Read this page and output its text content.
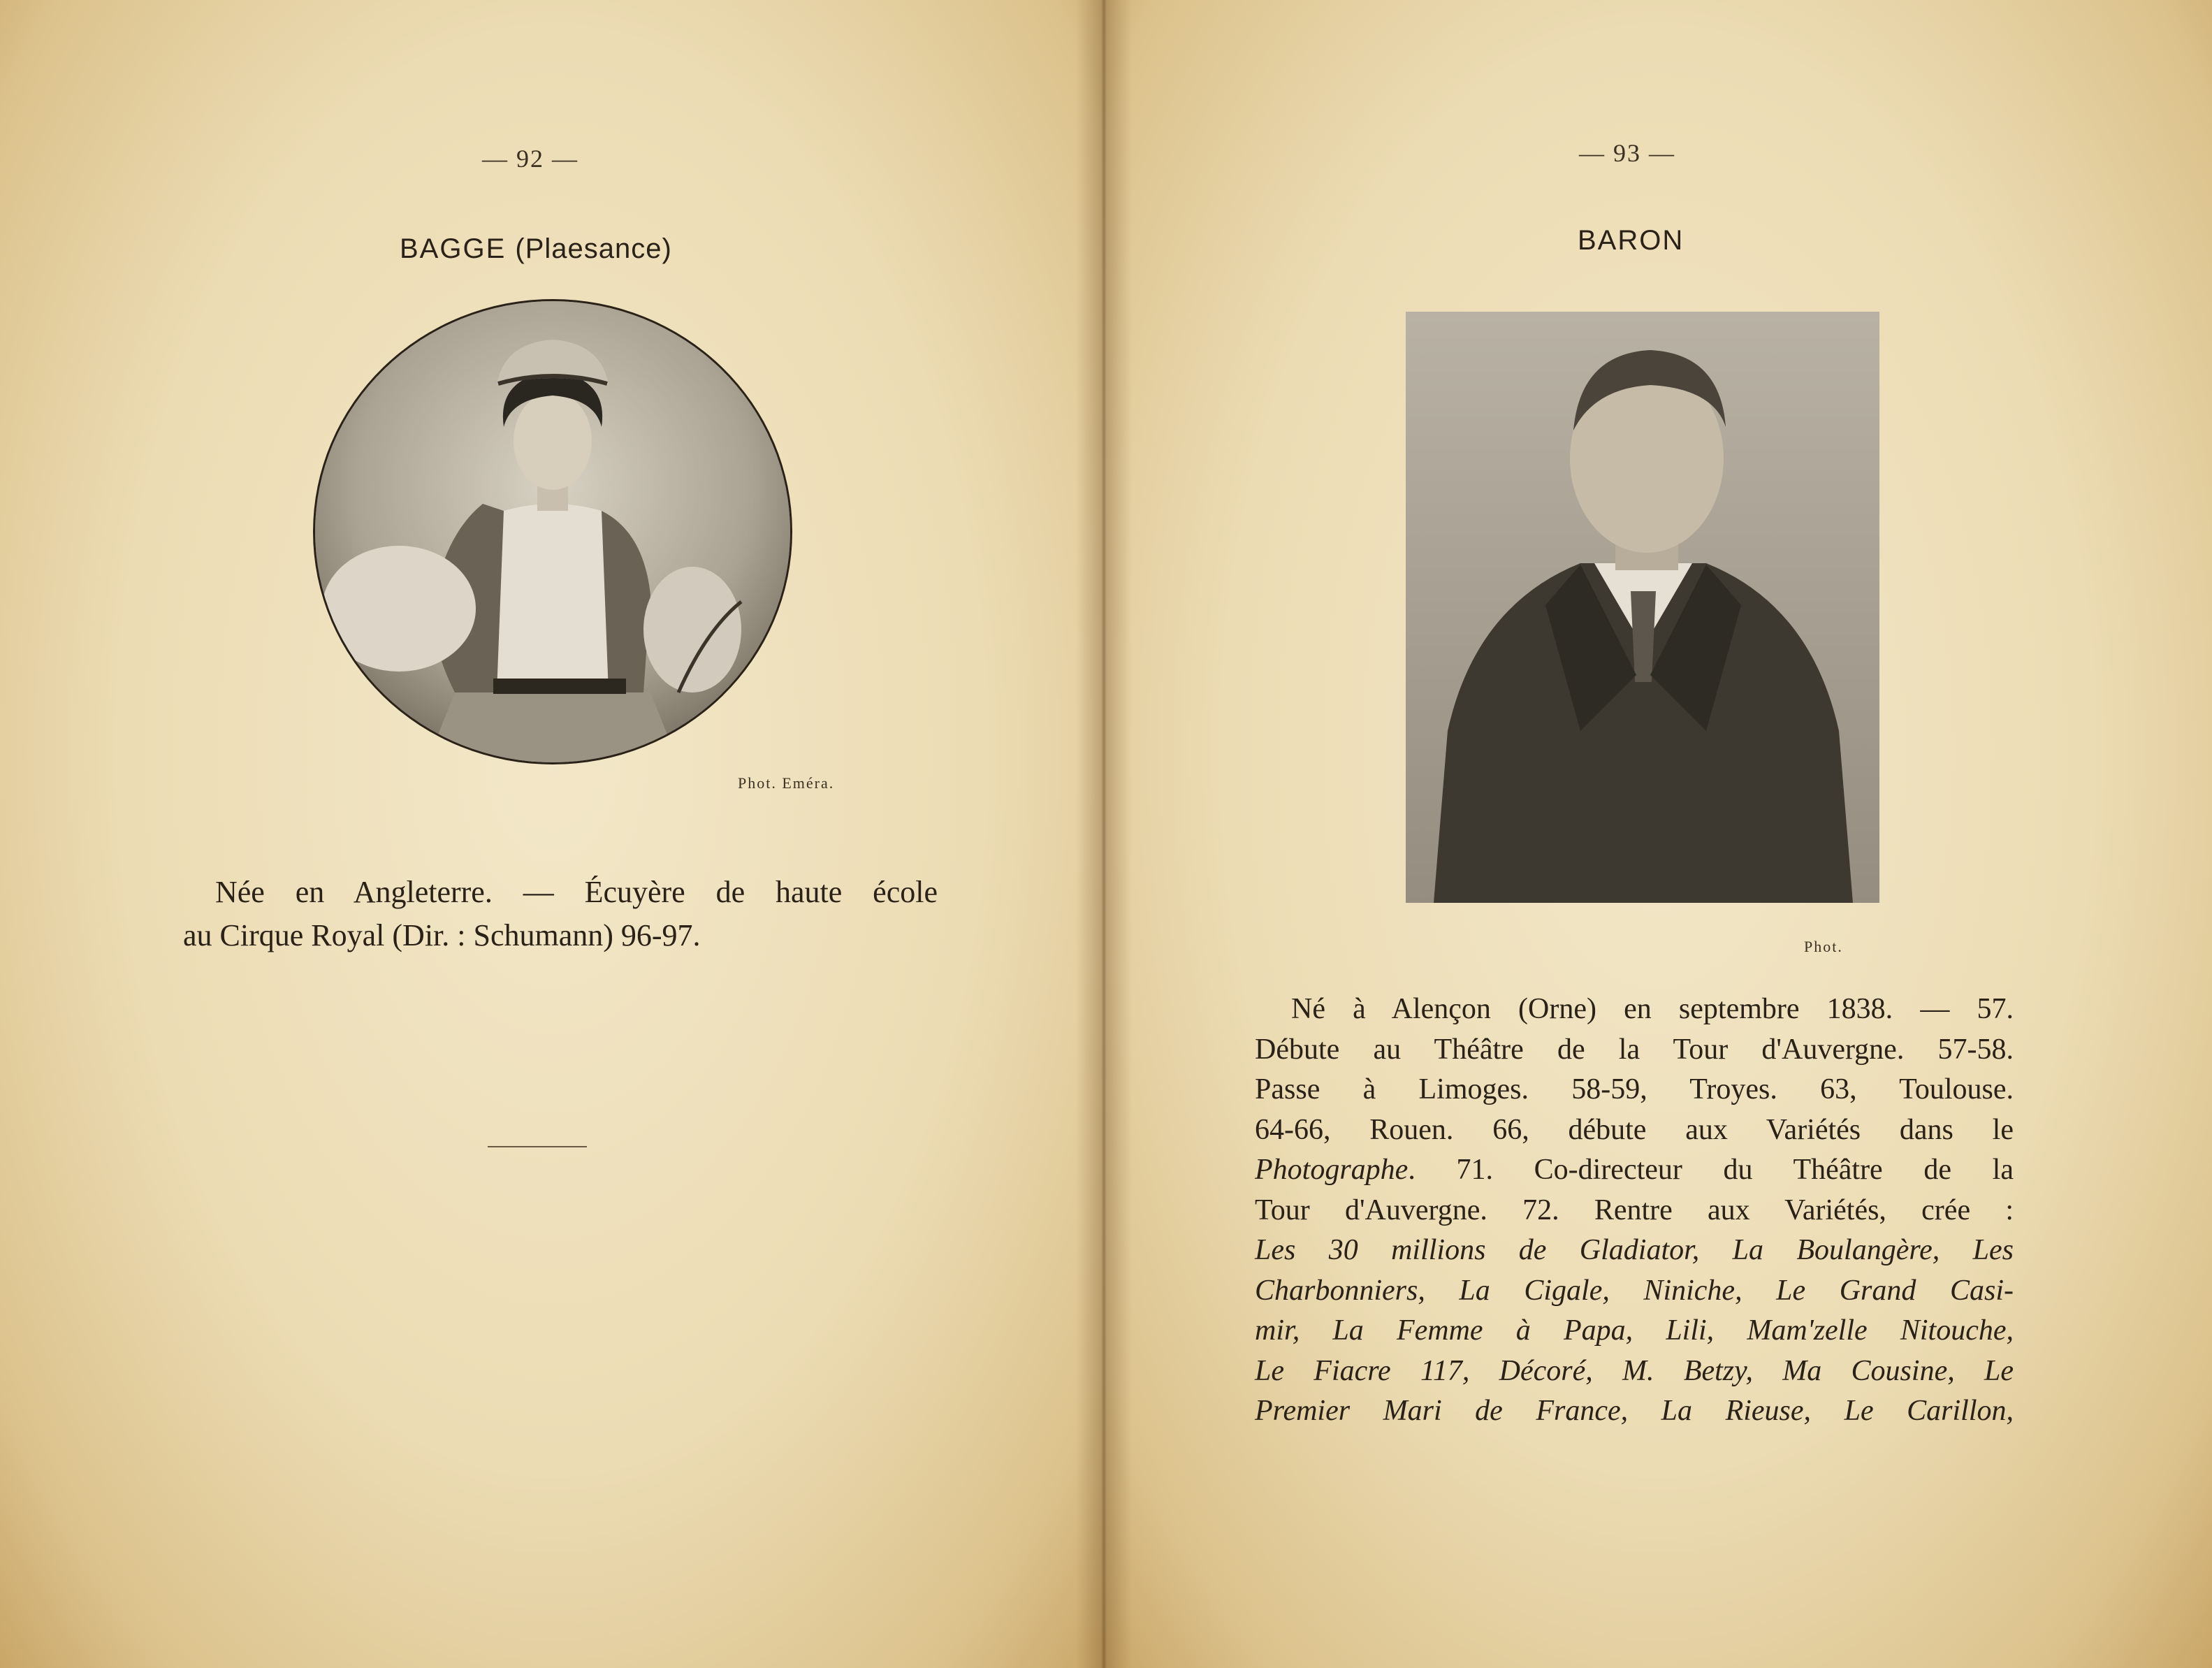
— 92 —
BAGGE (Plaesance)
Phot. Eméra.

Née en Angleterre. — Écuyère de haute école

au Cirque Royal (Dir. : Schumann) 96-97.

— 93 —
BARON
Phot.
Né à Alençon (Orne) en septembre 1838. — 57.
Débute au Théâtre de la Tour d'Auvergne. 57-58.
Passe à Limoges. 58-59, Troyes. 63, Toulouse.
64-66, Rouen. 66, débute aux Variétés dans le
Photographe. 71. Co-directeur du Théâtre de la
Tour d'Auvergne. 72. Rentre aux Variétés, crée :
Les 30 millions de Gladiator, La Boulangère, Les
Charbonniers, La Cigale, Niniche, Le Grand Casi-
mir, La Femme à Papa, Lili, Mam'zelle Nitouche,
Le Fiacre 117, Décoré, M. Betzy, Ma Cousine, Le
Premier Mari de France, La Rieuse, Le Carillon,
